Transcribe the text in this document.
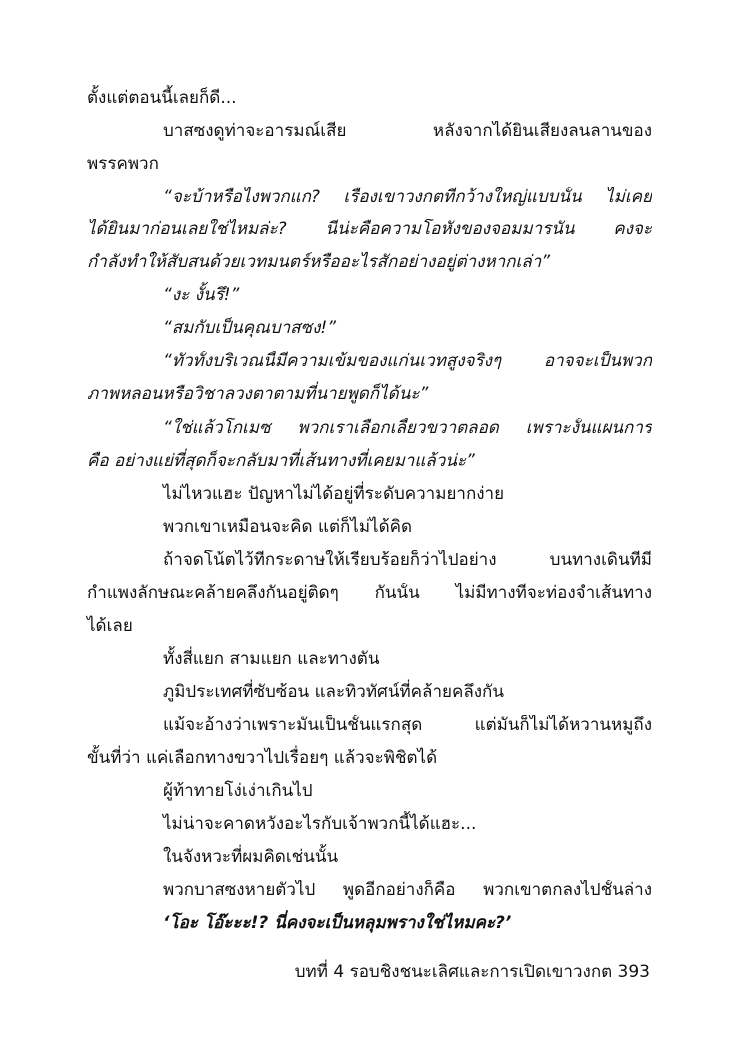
ตั้งแต่ตอนนี้เลยก็ดี...
บาสซงดูท่าจะอารมณ์เสีย หลังจากได้ยินเสียงลนลานของ
พรรคพวก
“จะบ้าหรือไงพวกแก? เรื่องเขาวงกตที่กว้างใหญ่แบบนั้น ไม่เคย
ได้ยินมาก่อนเลยใช่ไหมล่ะ? นี่น่ะคือความโอหังของจอมมารนั่น คงจะ
กำลังทำให้สับสนด้วยเวทมนตร์หรืออะไรสักอย่างอยู่ต่างหากเล่า”
“งะ งั้นรึ!”
“สมกับเป็นคุณบาสซง!”
“ทั่วทั้งบริเวณนี้มีความเข้มของแก่นเวทสูงจริงๆ อาจจะเป็นพวก
ภาพหลอนหรือวิชาลวงตาตามที่นายพูดก็ได้นะ”
“ใช่แล้วโกเมซ พวกเราเลือกเลี้ยวขวาตลอด เพราะงั้นแผนการ
คือ อย่างแย่ที่สุดก็จะกลับมาที่เส้นทางที่เคยมาแล้วน่ะ”
ไม่ไหวแฮะ ปัญหาไม่ได้อยู่ที่ระดับความยากง่าย
พวกเขาเหมือนจะคิด แต่ก็ไม่ได้คิด
ถ้าจดโน้ตไว้ที่กระดาษให้เรียบร้อยก็ว่าไปอย่าง บนทางเดินที่มี
กำแพงลักษณะคล้ายคลึงกันอยู่ติดๆ กันนั้น ไม่มีทางที่จะท่องจำเส้นทาง
ได้เลย
ทั้งสี่แยก สามแยก และทางตัน
ภูมิประเทศที่ซับซ้อน และทิวทัศน์ที่คล้ายคลึงกัน
แม้จะอ้างว่าเพราะมันเป็นชั้นแรกสุด แต่มันก็ไม่ได้หวานหมูถึง
ขั้นที่ว่า แค่เลือกทางขวาไปเรื่อยๆ แล้วจะพิชิตได้
ผู้ท้าทายโง่เง่าเกินไป
ไม่น่าจะคาดหวังอะไรกับเจ้าพวกนี้ได้แฮะ...
ในจังหวะที่ผมคิดเช่นนั้น
พวกบาสซงหายตัวไป พูดอีกอย่างก็คือ พวกเขาตกลงไปชั้นล่าง
‘โอะ โอ๊ะะะ!? นี่คงจะเป็นหลุมพรางใช่ไหมคะ?’
บทที่ 4 รอบชิงชนะเลิศและการเปิดเขาวงกต 393
